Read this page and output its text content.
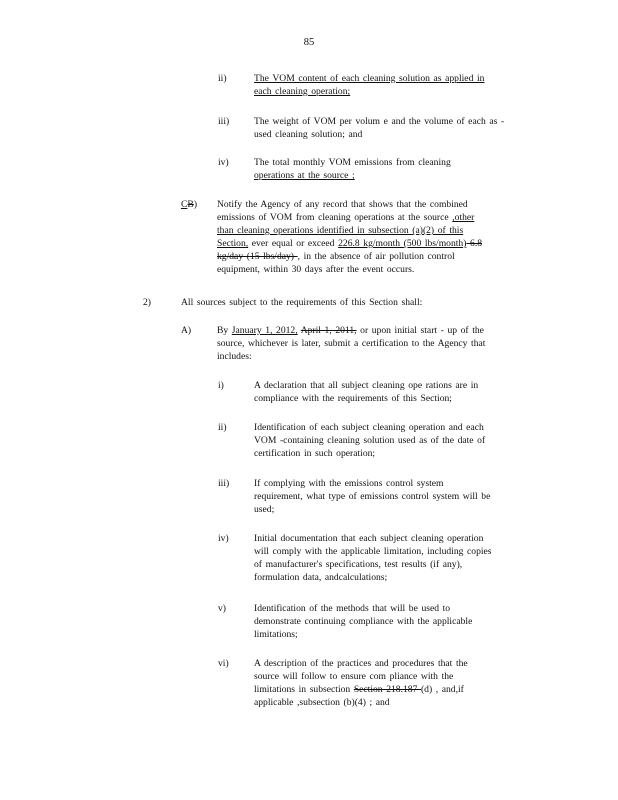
85
ii)	The VOM content of each cleaning solution as applied in
each cleaning operation;
iii)	The weight of VOM per volum e and the volume of each as -
used cleaning solution; and
iv)	The total monthly VOM emissions from cleaning
operations at the source ;
CB) Notify the Agency of any record that shows that the combined
emissions of VOM from cleaning operations at the source ,other
than cleaning operations identified in subsection (a)(2) of this
Section, ever equal or exceed 226.8 kg/month (500 lbs/month) 6.8
kg/day (15 lbs/day) , in the absence of air pollution control
equipment, within 30 days after the event occurs.
2)	All sources subject to the requirements of this Section shall:
A)	By January 1, 2012, April 1, 2011, or upon initial start - up of the
source, whichever is later, submit a certification to the Agency that
includes:
i)	A declaration that all subject cleaning ope rations are in
compliance with the requirements of this Section;
ii)	Identification of each subject cleaning operation and each
VOM -containing cleaning solution used as of the date of
certification in such operation;
iii)	If complying with the emissions control system
requirement, what type of emissions control system will be
used;
iv)	Initial documentation that each subject cleaning operation
will comply with the applicable limitation, including copies
of manufacturer's specifications, test results (if any),
formulation data, andcalculations;
v)	Identification of the methods that will be used to
demonstrate continuing compliance with the applicable
limitations;
vi)	A description of the practices and procedures that the
source will follow to ensure com pliance with the
limitations in subsection Section 218.187 (d) , and,if
applicable ,subsection (b)(4) ; and
